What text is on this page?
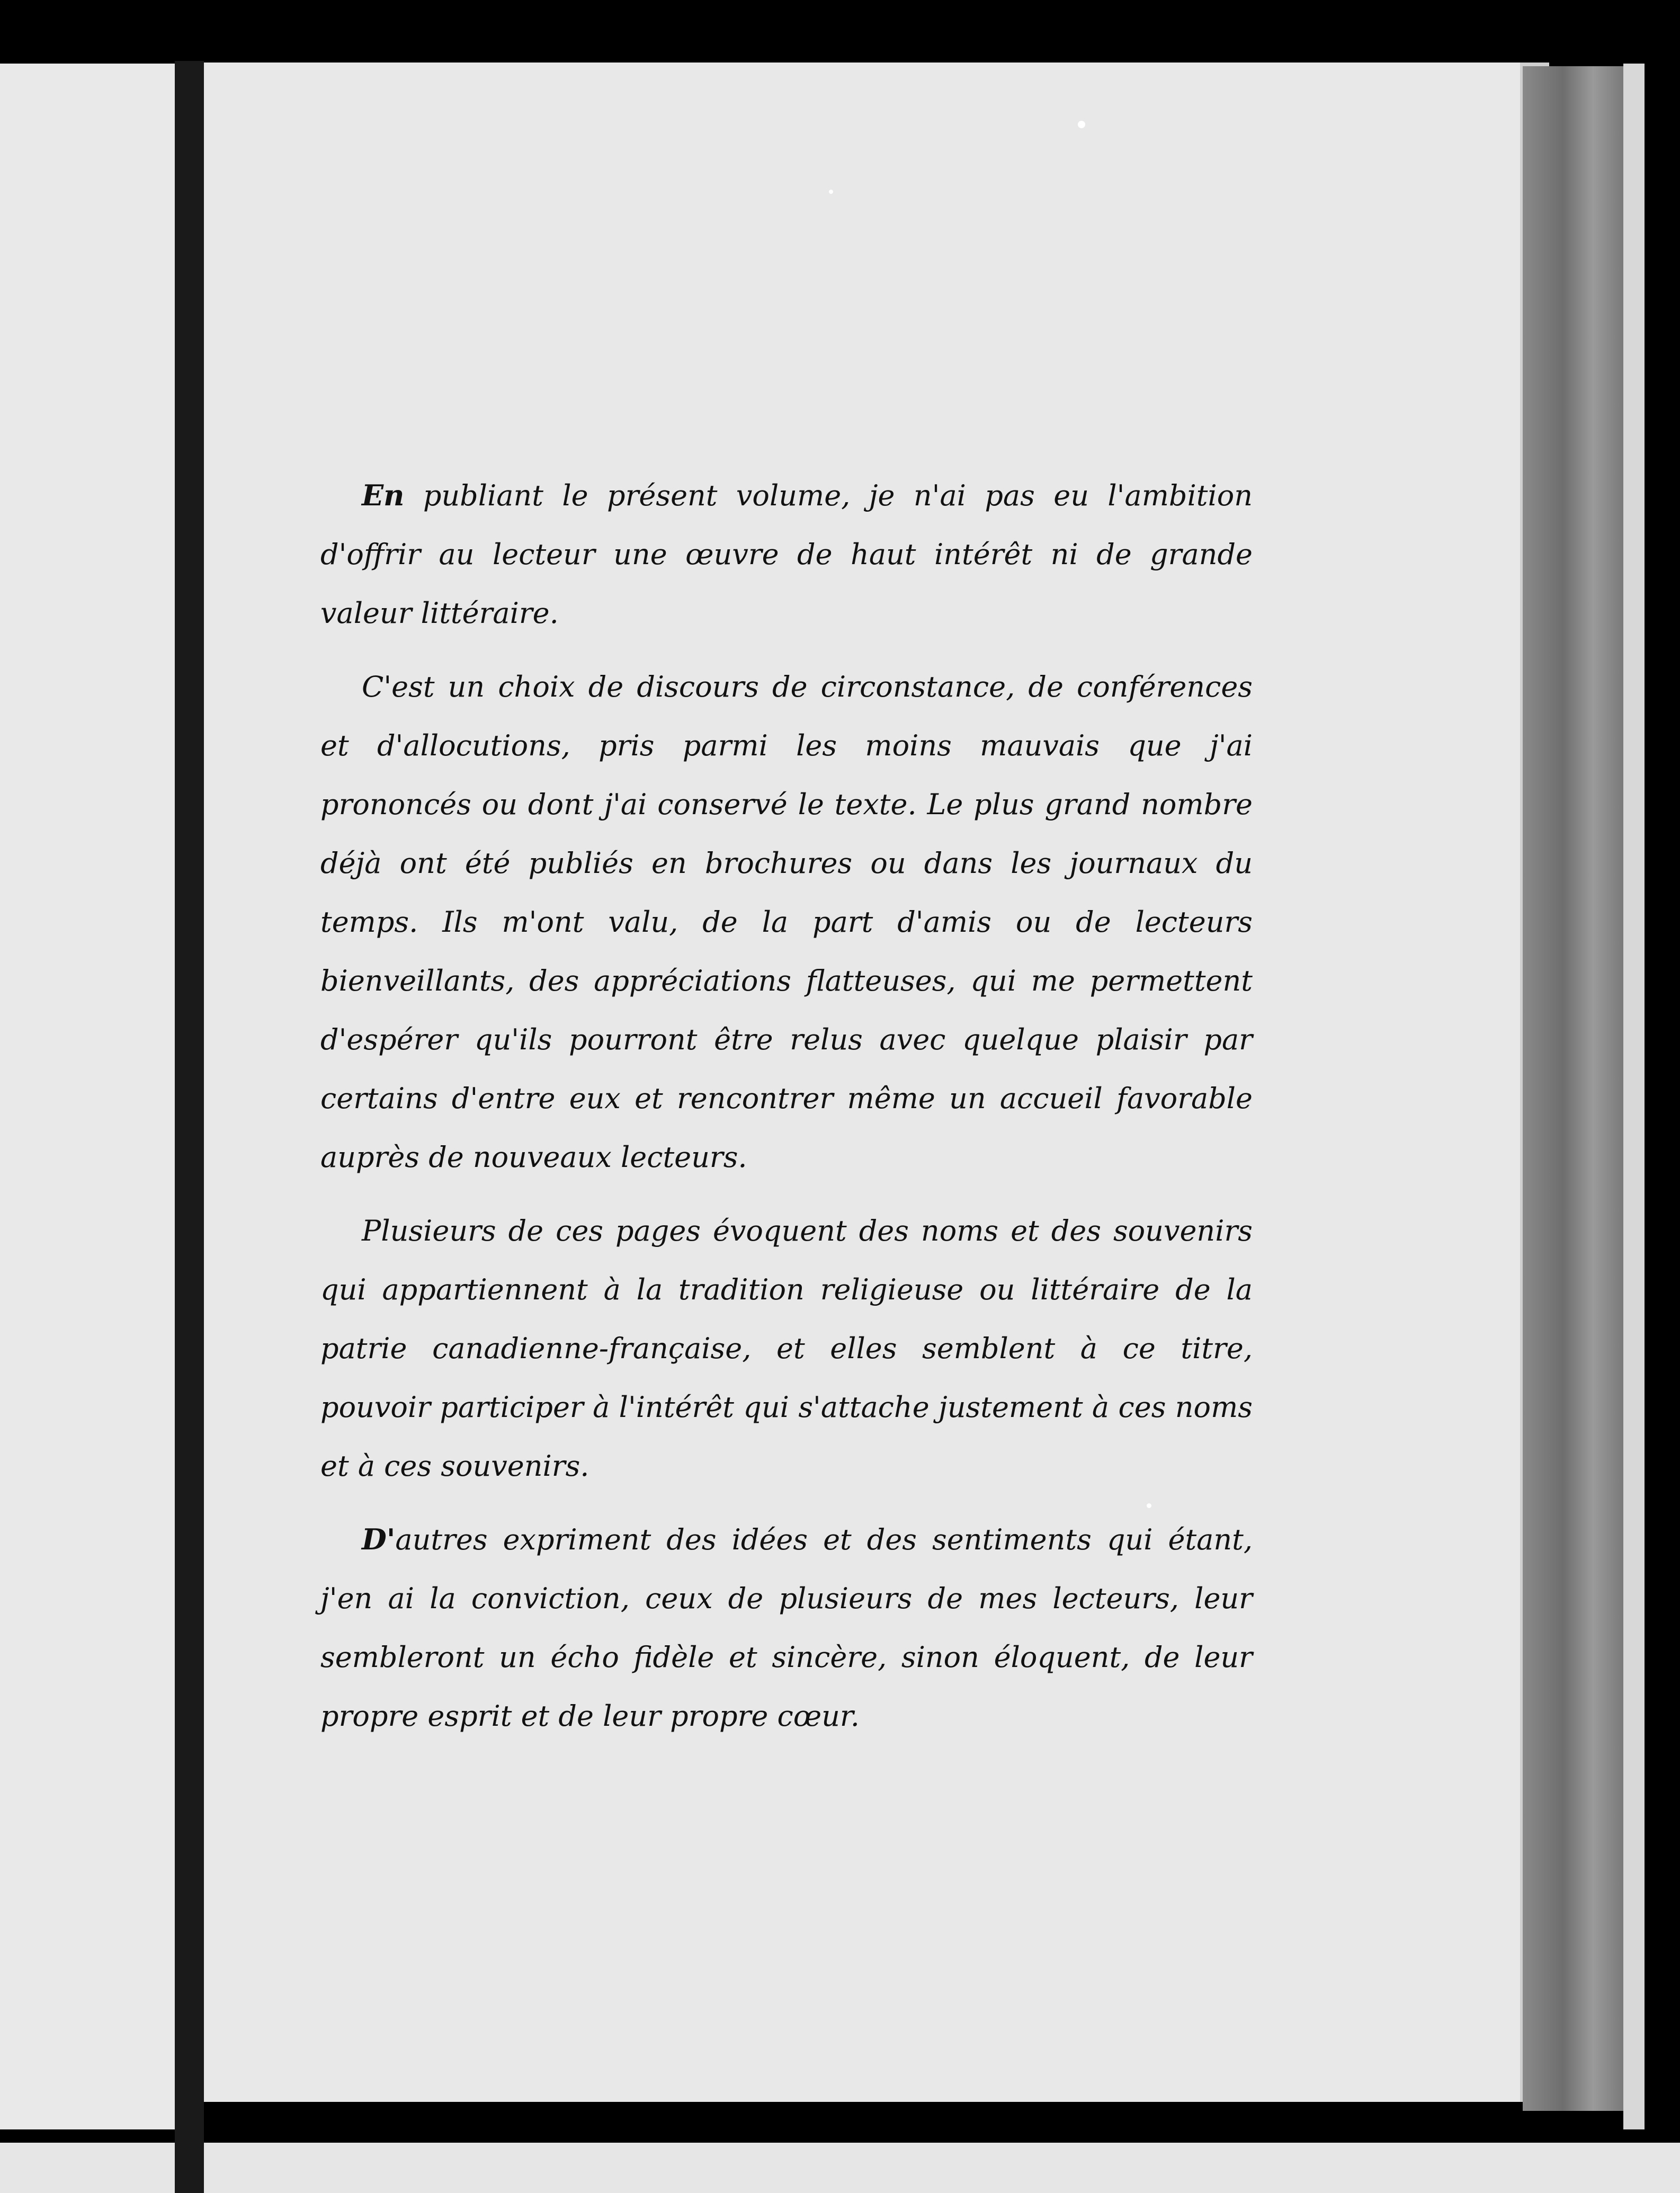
En publiant le présent volume, je n'ai pas eu l'ambition d'offrir au lecteur une œuvre de haut intérêt ni de grande valeur littéraire.

C'est un choix de discours de circonstance, de conférences et d'allocutions, pris parmi les moins mauvais que j'ai prononcés ou dont j'ai conservé le texte. Le plus grand nombre déjà ont été publiés en brochures ou dans les journaux du temps. Ils m'ont valu, de la part d'amis ou de lecteurs bienveillants, des appréciations flatteuses, qui me permettent d'espérer qu'ils pourront être relus avec quelque plaisir par certains d'entre eux et rencontrer même un accueil favorable auprès de nouveaux lecteurs.

Plusieurs de ces pages évoquent des noms et des souvenirs qui appartiennent à la tradition religieuse ou littéraire de la patrie canadienne-française, et elles semblent à ce titre, pouvoir participer à l'intérêt qui s'attache justement à ces noms et à ces souvenirs.

D'autres expriment des idées et des sentiments qui étant, j'en ai la conviction, ceux de plusieurs de mes lecteurs, leur sembleront un écho fidèle et sincère, sinon éloquent, de leur propre esprit et de leur propre cœur.
